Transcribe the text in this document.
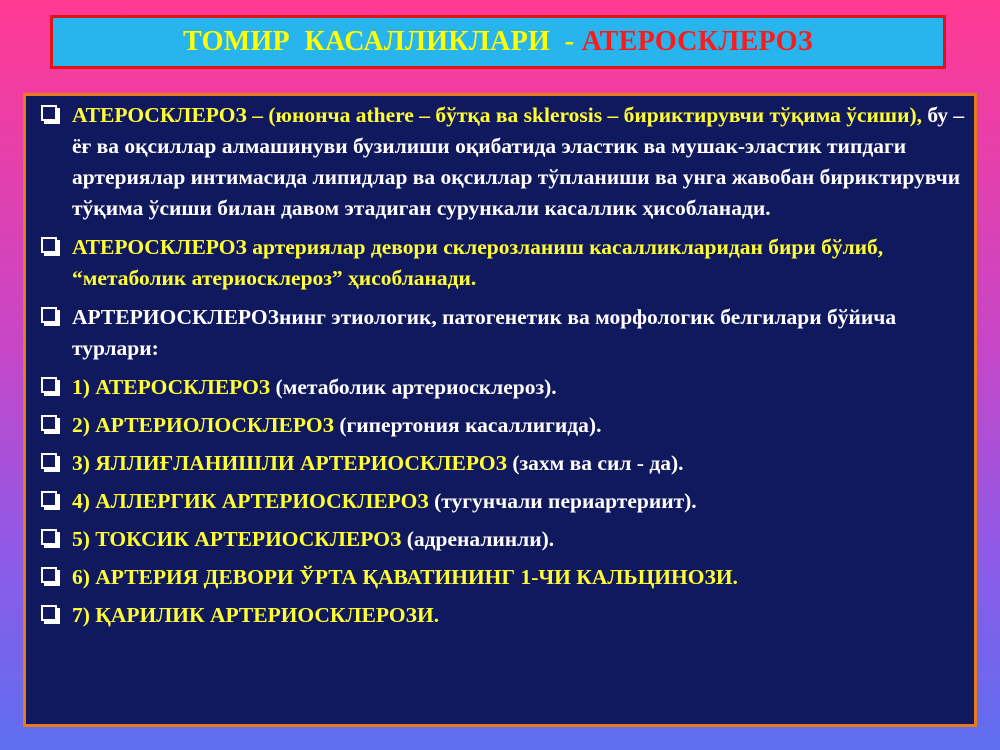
ТОМИР  КАСАЛЛИКЛАРИ  - АТЕРОСКЛЕРОЗ
АТЕРОСКЛЕРОЗ – (юнонча athere – бўтқа ва sklerosis – бириктирувчи тўқима ўсиши), бу – ёғ ва оқсиллар алмашинуви бузилиши оқибатида эластик ва мушак-эластик типдаги артериялар интимасида липидлар ва оқсиллар тўпланиши ва унга жавобан бириктирувчи тўқима ўсиши билан давом этадиган сурункали касаллик ҳисобланади.
АТЕРОСКЛЕРОЗ артериялар девори склерозланиш касалликларидан бири бўлиб, “метаболик атериосклероз” ҳисобланади.
АРТЕРИОСКЛЕРОЗнинг этиологик, патогенетик ва морфологик белгилари бўйича турлари:
1) АТЕРОСКЛЕРОЗ (метаболик артериосклероз).
2) АРТЕРИОЛОСКЛЕРОЗ (гипертония касаллигида).
3) ЯЛЛИҒЛАНИШЛИ АРТЕРИОСКЛЕРОЗ (захм ва сил - да).
4) АЛЛЕРГИК АРТЕРИОСКЛЕРОЗ (тугунчали периартериит).
5) ТОКСИК АРТЕРИОСКЛЕРОЗ (адреналинли).
6) АРТЕРИЯ ДЕВОРИ ЎРТА ҚАВАТИНИНГ 1-ЧИ КАЛЬЦИНОЗИ.
7) ҚАРИЛИК АРТЕРИОСКЛЕРОЗИ.
